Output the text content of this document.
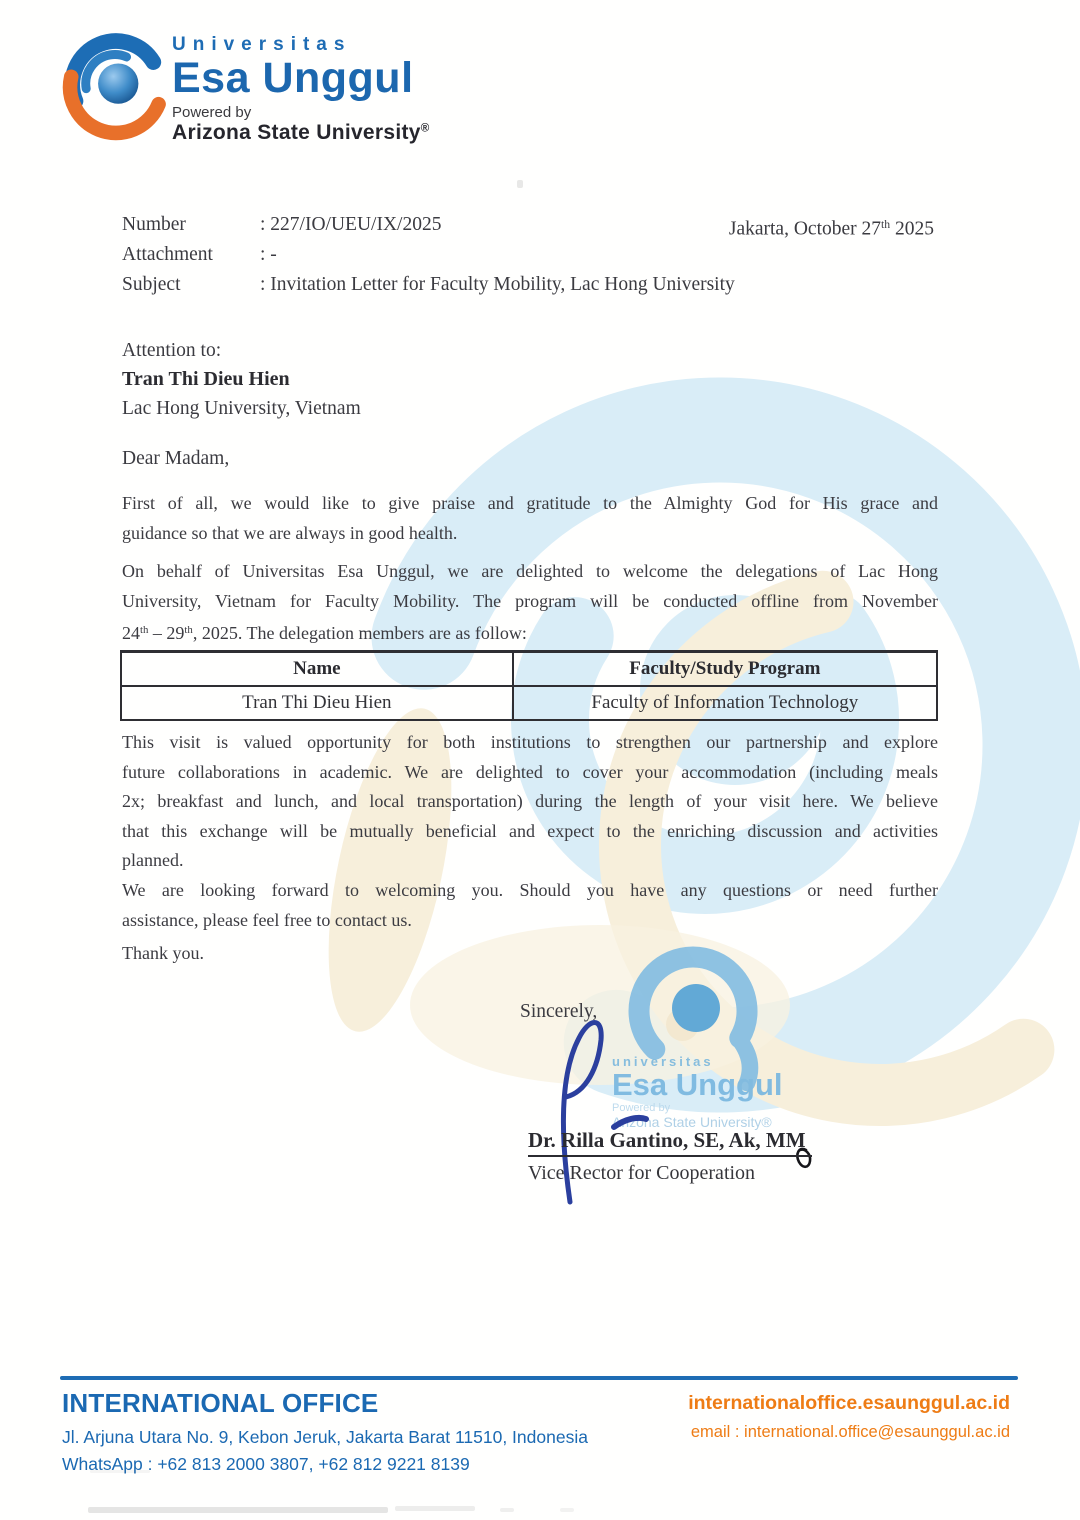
Universitas
Esa Unggul
Powered by
Arizona State University®
Number	: 227/IO/UEU/IX/2025
Attachment	: -
Subject	: Invitation Letter for Faculty Mobility, Lac Hong University
Jakarta, October 27th 2025
Attention to:
Tran Thi Dieu Hien
Lac Hong University, Vietnam
Dear Madam,
First of all, we would like to give praise and gratitude to the Almighty God for His grace and
guidance so that we are always in good health.
On behalf of Universitas Esa Unggul, we are delighted to welcome the delegations of Lac Hong
University, Vietnam for Faculty Mobility. The program will be conducted offline from November
24th – 29th, 2025. The delegation members are as follow:
Name	Faculty/Study Program
Tran Thi Dieu Hien	Faculty of Information Technology
This visit is valued opportunity for both institutions to strengthen our partnership and explore
future collaborations in academic. We are delighted to cover your accommodation (including meals
2x; breakfast and lunch, and local transportation) during the length of your visit here. We believe
that this exchange will be mutually beneficial and expect to the enriching discussion and activities
planned.
We are looking forward to welcoming you. Should you have any questions or need further
assistance, please feel free to contact us.
Thank you.
Sincerely,
universitas
Esa Unggul
Powered by
Arizona State University®
Dr. Rilla Gantino, SE, Ak, MM
Vice Rector for Cooperation
INTERNATIONAL OFFICE
Jl. Arjuna Utara No. 9, Kebon Jeruk, Jakarta Barat 11510, Indonesia
WhatsApp : +62 813 2000 3807, +62 812 9221 8139
internationaloffice.esaunggul.ac.id
email : international.office@esaunggul.ac.id
